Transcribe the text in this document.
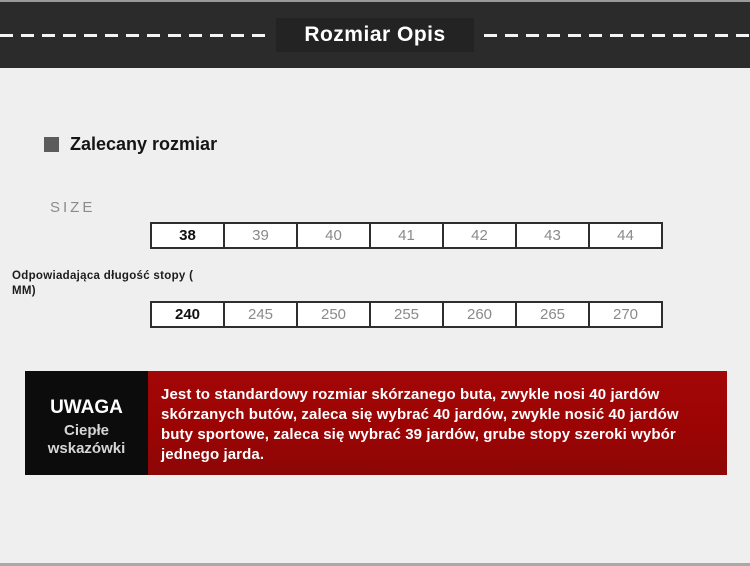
Rozmiar Opis
Zalecany rozmiar
SIZE
38	39	40	41	42	43	44
Odpowiadająca długość stopy ( MM)
240	245	250	255	260	265	270
UWAGA
Ciepłe wskazówki
Jest to standardowy rozmiar skórzanego buta, zwykle nosi 40 jardów skórzanych butów, zaleca się wybrać 40 jardów, zwykle nosić 40 jardów buty sportowe, zaleca się wybrać 39 jardów, grube stopy szeroki wybór jednego jarda.
